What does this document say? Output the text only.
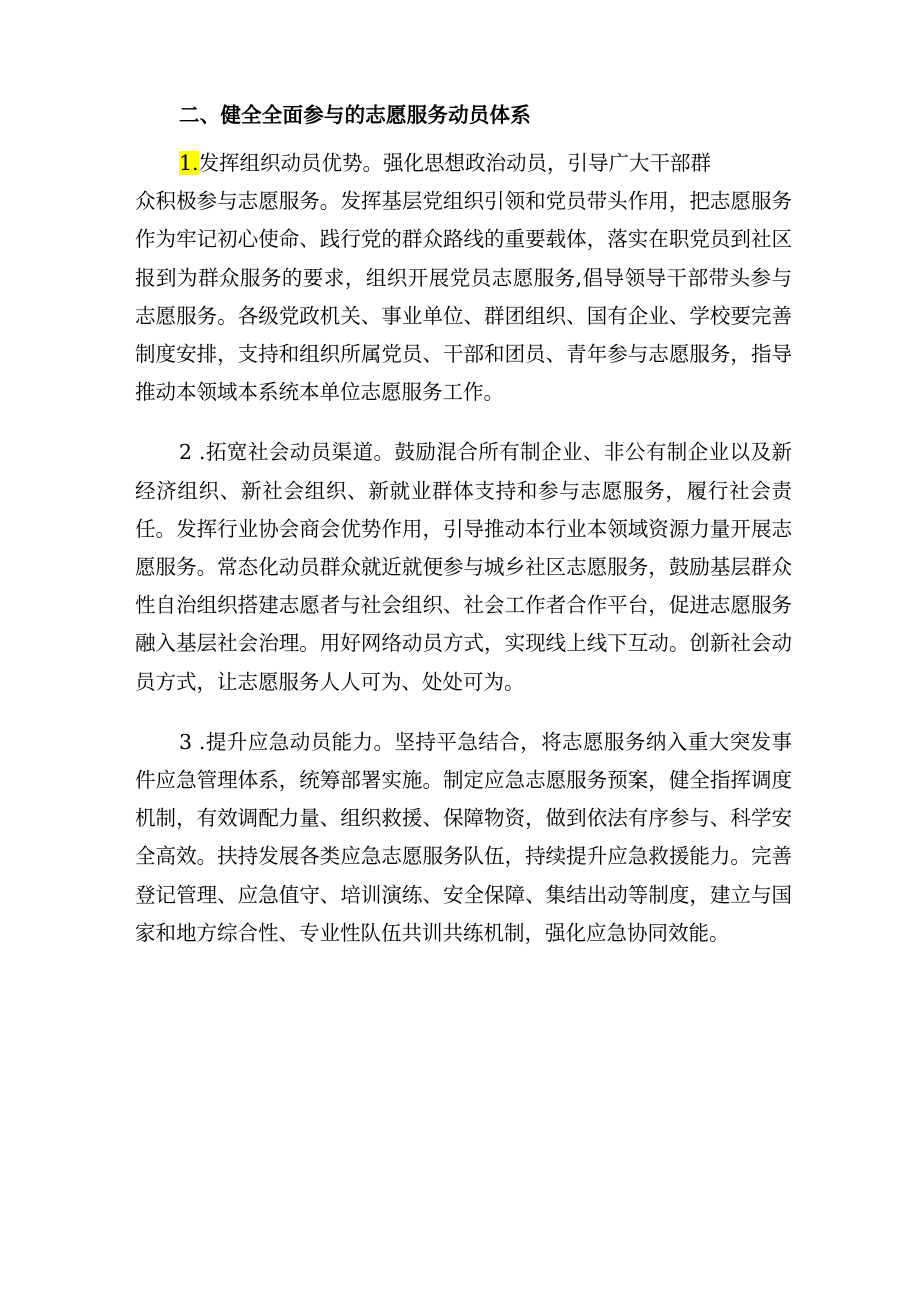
二、健全全面参与的志愿服务动员体系

1.发挥组织动员优势。强化思想政治动员，引导广大干部群
众积极参与志愿服务。发挥基层党组织引领和党员带头作用，把志愿服务作为牢记初心使命、践行党的群众路线的重要载体，落实在职党员到社区报到为群众服务的要求，组织开展党员志愿服务,倡导领导干部带头参与志愿服务。各级党政机关、事业单位、群团组织、国有企业、学校要完善制度安排，支持和组织所属党员、干部和团员、青年参与志愿服务，指导推动本领域本系统本单位志愿服务工作。

2 .拓宽社会动员渠道。鼓励混合所有制企业、非公有制企业以及新经济组织、新社会组织、新就业群体支持和参与志愿服务，履行社会责任。发挥行业协会商会优势作用，引导推动本行业本领域资源力量开展志愿服务。常态化动员群众就近就便参与城乡社区志愿服务，鼓励基层群众性自治组织搭建志愿者与社会组织、社会工作者合作平台，促进志愿服务融入基层社会治理。用好网络动员方式，实现线上线下互动。创新社会动员方式，让志愿服务人人可为、处处可为。

3 .提升应急动员能力。坚持平急结合，将志愿服务纳入重大突发事件应急管理体系，统筹部署实施。制定应急志愿服务预案，健全指挥调度机制，有效调配力量、组织救援、保障物资，做到依法有序参与、科学安全高效。扶持发展各类应急志愿服务队伍，持续提升应急救援能力。完善登记管理、应急值守、培训演练、安全保障、集结出动等制度，建立与国家和地方综合性、专业性队伍共训共练机制，强化应急协同效能。
